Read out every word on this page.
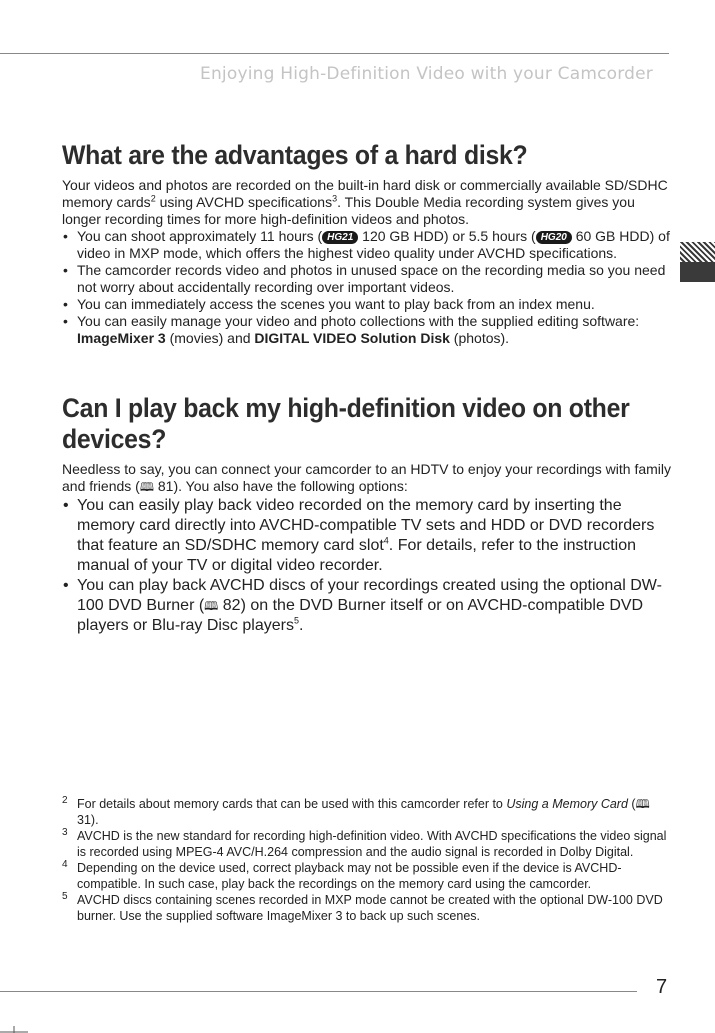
Enjoying High-Definition Video with your Camcorder
What are the advantages of a hard disk?

Your videos and photos are recorded on the built-in hard disk or commercially available SD/SDHC memory cards$^2$ using AVCHD specifications$^3$. This Double Media recording system gives you longer recording times for more high-definition videos and photos.

• You can shoot approximately 11 hours ( HG21 120 GB HDD) or 5.5 hours ( HG20 60 GB HDD) of video in MXP mode, which offers the highest video quality under AVCHD specifications.
• The camcorder records video and photos in unused space on the recording media so you need not worry about accidentally recording over important videos.
• You can immediately access the scenes you want to play back from an index menu.
• You can easily manage your video and photo collections with the supplied editing software: ImageMixer 3 (movies) and DIGITAL VIDEO Solution Disk (photos).
Can I play back my high-definition video on other devices?

Needless to say, you can connect your camcorder to an HDTV to enjoy your recordings with family and friends (🕮 81). You also have the following options:

• You can easily play back video recorded on the memory card by inserting the memory card directly into AVCHD-compatible TV sets and HDD or DVD recorders that feature an SD/SDHC memory card slot$^4$. For details, refer to the instruction manual of your TV or digital video recorder.
• You can play back AVCHD discs of your recordings created using the optional DW-100 DVD Burner (🕮 82) on the DVD Burner itself or on AVCHD-compatible DVD players or Blu-ray Disc players$^5$.
2 For details about memory cards that can be used with this camcorder refer to Using a Memory Card (🕮 31).
3 AVCHD is the new standard for recording high-definition video. With AVCHD specifications the video signal is recorded using MPEG-4 AVC/H.264 compression and the audio signal is recorded in Dolby Digital.
4 Depending on the device used, correct playback may not be possible even if the device is AVCHD-compatible. In such case, play back the recordings on the memory card using the camcorder.
5 AVCHD discs containing scenes recorded in MXP mode cannot be created with the optional DW-100 DVD burner. Use the supplied software ImageMixer 3 to back up such scenes.
7
